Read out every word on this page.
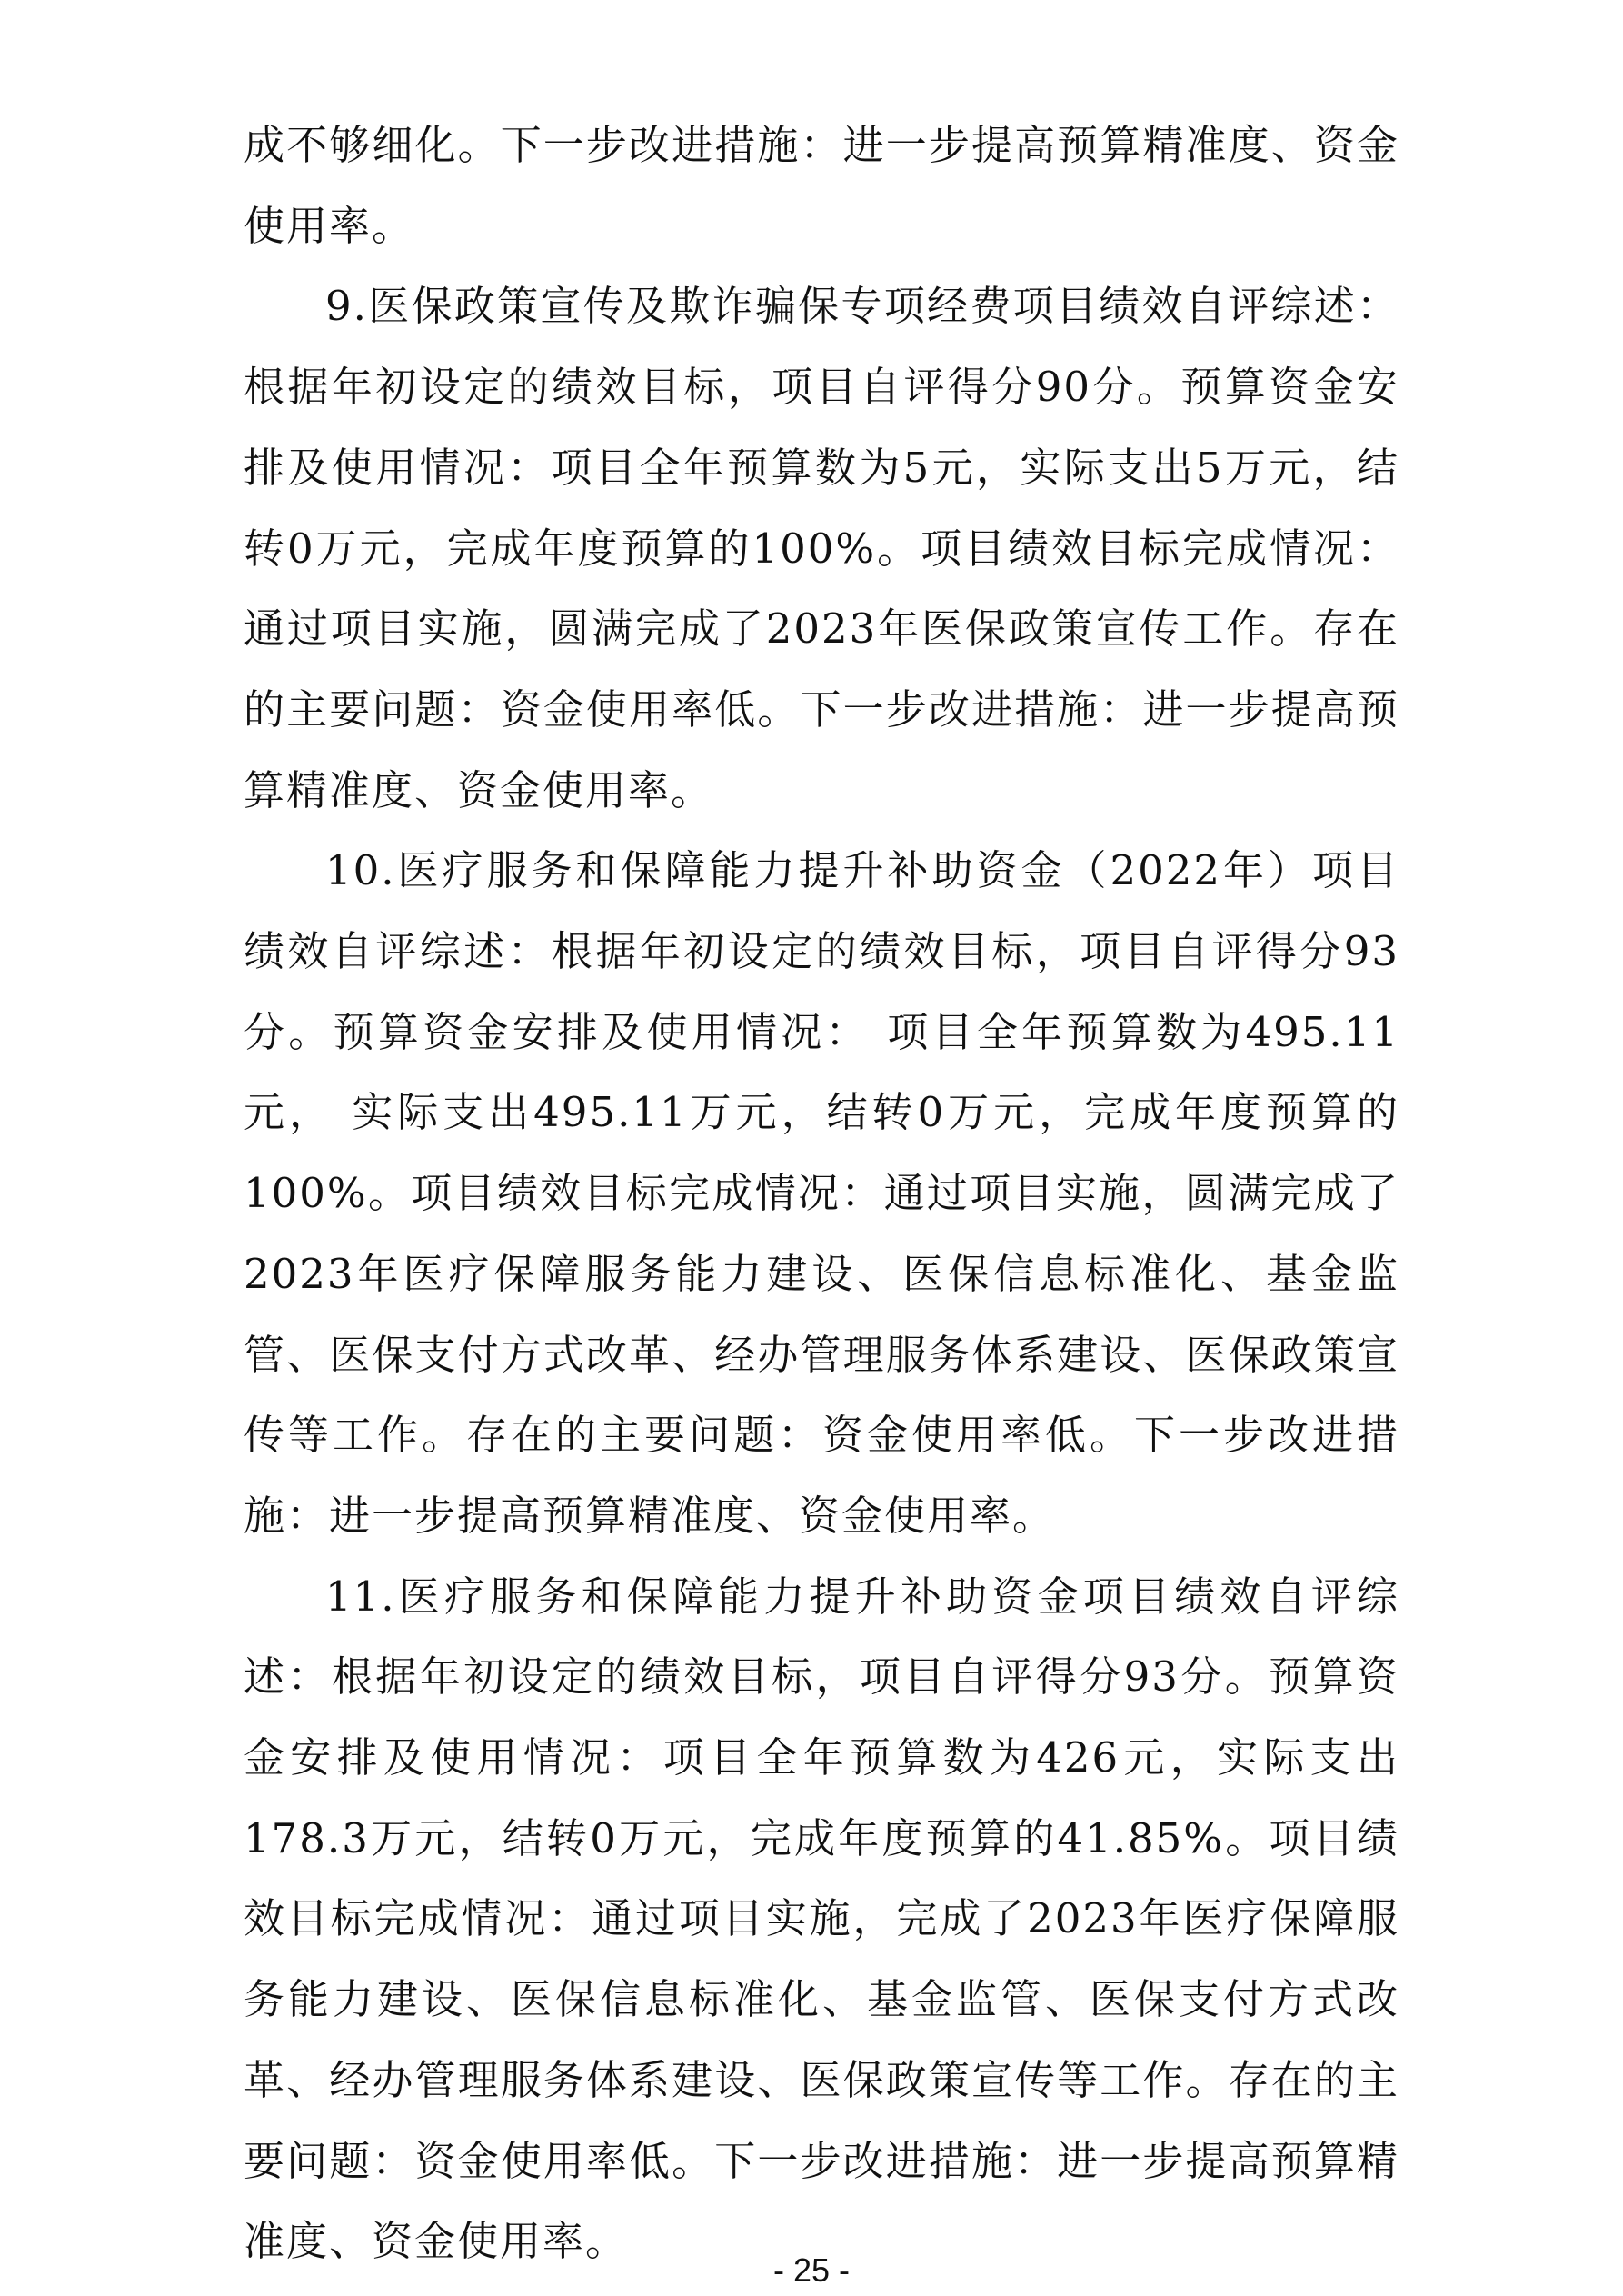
成不够细化。下一步改进措施：进一步提高预算精准度、资金使用率。

9.医保政策宣传及欺诈骗保专项经费项目绩效自评综述：根据年初设定的绩效目标，项目自评得分90分。预算资金安排及使用情况：项目全年预算数为5元，实际支出5万元，结转0万元，完成年度预算的100%。项目绩效目标完成情况：通过项目实施，圆满完成了2023年医保政策宣传工作。存在的主要问题：资金使用率低。下一步改进措施：进一步提高预算精准度、资金使用率。

10.医疗服务和保障能力提升补助资金（2022年）项目绩效自评综述：根据年初设定的绩效目标，项目自评得分93分。预算资金安排及使用情况： 项目全年预算数为495.11元， 实际支出495.11万元，结转0万元，完成年度预算的100%。项目绩效目标完成情况：通过项目实施，圆满完成了2023年医疗保障服务能力建设、医保信息标准化、基金监管、医保支付方式改革、经办管理服务体系建设、医保政策宣传等工作。存在的主要问题：资金使用率低。下一步改进措施：进一步提高预算精准度、资金使用率。

11.医疗服务和保障能力提升补助资金项目绩效自评综述：根据年初设定的绩效目标，项目自评得分93分。预算资金安排及使用情况：项目全年预算数为426元，实际支出178.3万元，结转0万元，完成年度预算的41.85%。项目绩效目标完成情况：通过项目实施，完成了2023年医疗保障服务能力建设、医保信息标准化、基金监管、医保支付方式改革、经办管理服务体系建设、医保政策宣传等工作。存在的主要问题：资金使用率低。下一步改进措施：进一步提高预算精准度、资金使用率。

- 25 -
